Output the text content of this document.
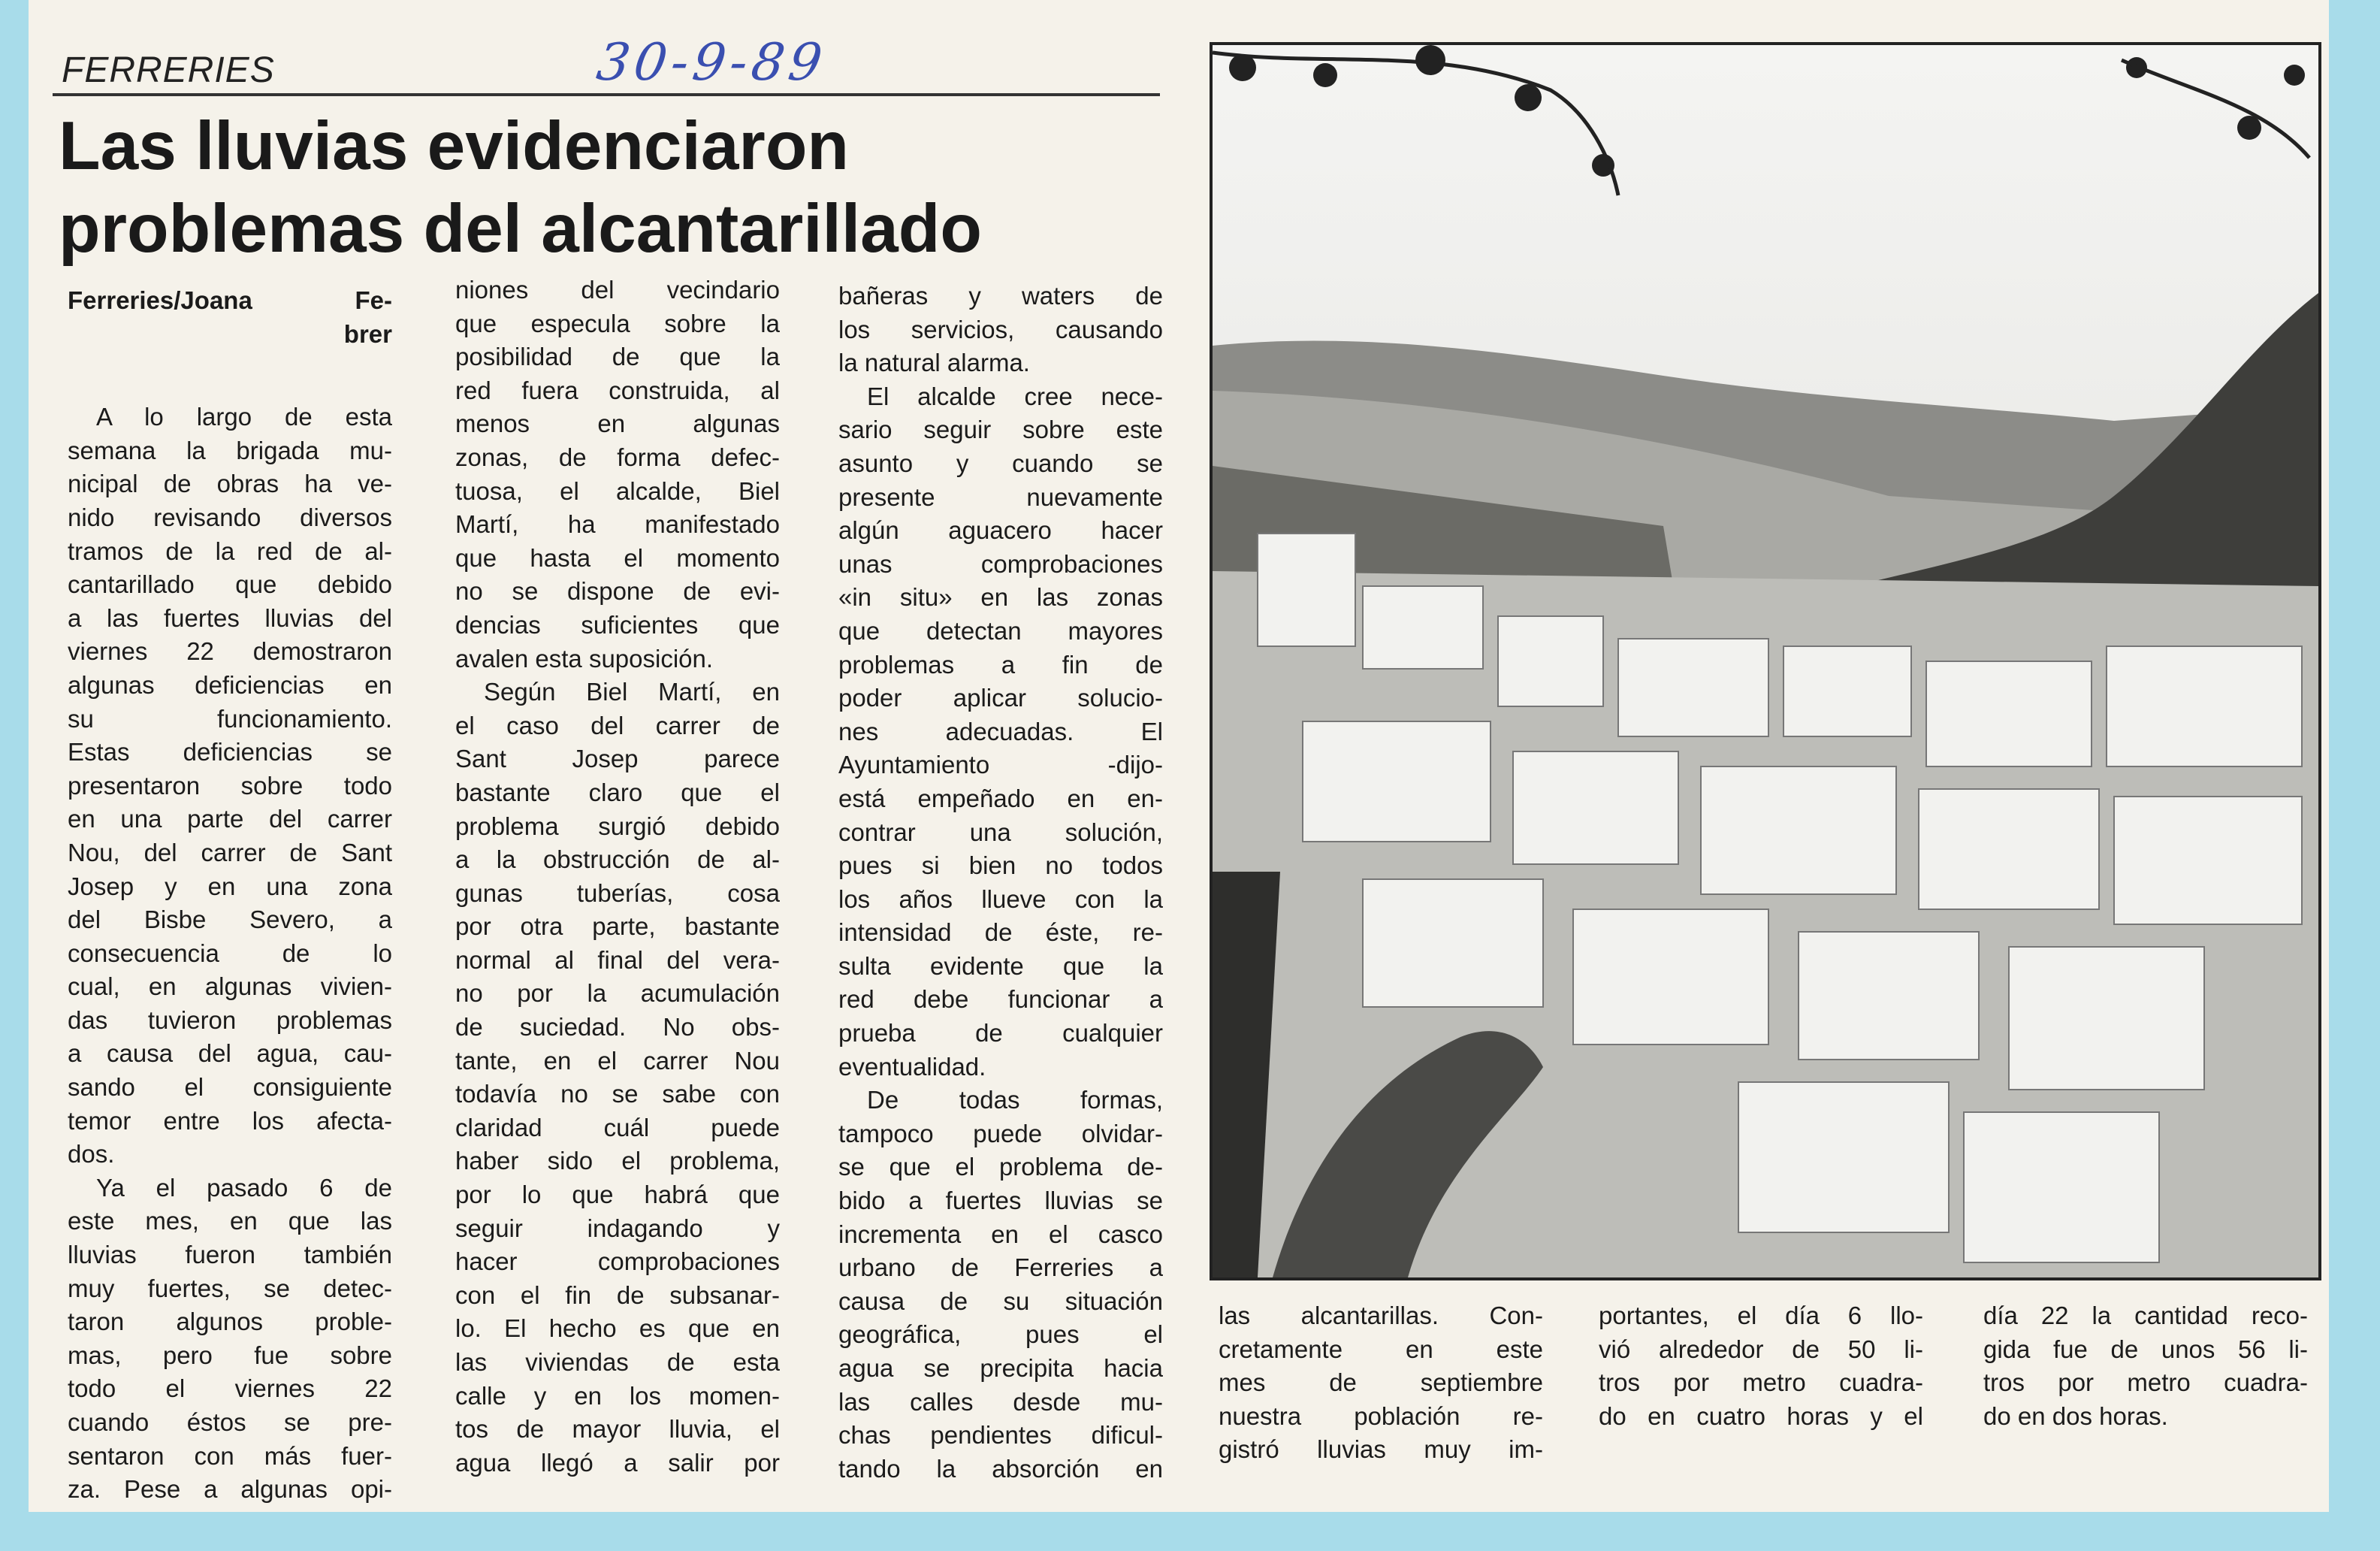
FERRERIES	30-9-89
Las lluvias evidenciaron
problemas del alcantarillado
Ferreries/Joana Fe-
brer
A lo largo de esta
semana la brigada mu-
nicipal de obras ha ve-
nido revisando diversos
tramos de la red de al-
cantarillado que debido
a las fuertes lluvias del
viernes 22 demostraron
algunas deficiencias en
su funcionamiento.
Estas deficiencias se
presentaron sobre todo
en una parte del carrer
Nou, del carrer de Sant
Josep y en una zona
del Bisbe Severo, a
consecuencia de lo
cual, en algunas vivien-
das tuvieron problemas
a causa del agua, cau-
sando el consiguiente
temor entre los afecta-
dos.
Ya el pasado 6 de
este mes, en que las
lluvias fueron también
muy fuertes, se detec-
taron algunos proble-
mas, pero fue sobre
todo el viernes 22
cuando éstos se pre-
sentaron con más fuer-
za. Pese a algunas opi-
niones del vecindario
que especula sobre la
posibilidad de que la
red fuera construida, al
menos en algunas
zonas, de forma defec-
tuosa, el alcalde, Biel
Martí, ha manifestado
que hasta el momento
no se dispone de evi-
dencias suficientes que
avalen esta suposición.
Según Biel Martí, en
el caso del carrer de
Sant Josep parece
bastante claro que el
problema surgió debido
a la obstrucción de al-
gunas tuberías, cosa
por otra parte, bastante
normal al final del vera-
no por la acumulación
de suciedad. No obs-
tante, en el carrer Nou
todavía no se sabe con
claridad cuál puede
haber sido el problema,
por lo que habrá que
seguir indagando y
hacer comprobaciones
con el fin de subsanar-
lo. El hecho es que en
las viviendas de esta
calle y en los momen-
tos de mayor lluvia, el
agua llegó a salir por
bañeras y waters de
los servicios, causando
la natural alarma.
El alcalde cree nece-
sario seguir sobre este
asunto y cuando se
presente nuevamente
algún aguacero hacer
unas comprobaciones
«in situ» en las zonas
que detectan mayores
problemas a fin de
poder aplicar solucio-
nes adecuadas. El
Ayuntamiento -dijo-
está empeñado en en-
contrar una solución,
pues si bien no todos
los años llueve con la
intensidad de éste, re-
sulta evidente que la
red debe funcionar a
prueba de cualquier
eventualidad.
De todas formas,
tampoco puede olvidar-
se que el problema de-
bido a fuertes lluvias se
incrementa en el casco
urbano de Ferreries a
causa de su situación
geográfica, pues el
agua se precipita hacia
las calles desde mu-
chas pendientes dificul-
tando la absorción en
las alcantarillas. Con-
cretamente en este
mes de septiembre
nuestra población re-
gistró lluvias muy im-
portantes, el día 6 llo-
vió alrededor de 50 li-
tros por metro cuadra-
do en cuatro horas y el
día 22 la cantidad reco-
gida fue de unos 56 li-
tros por metro cuadra-
do en dos horas.
